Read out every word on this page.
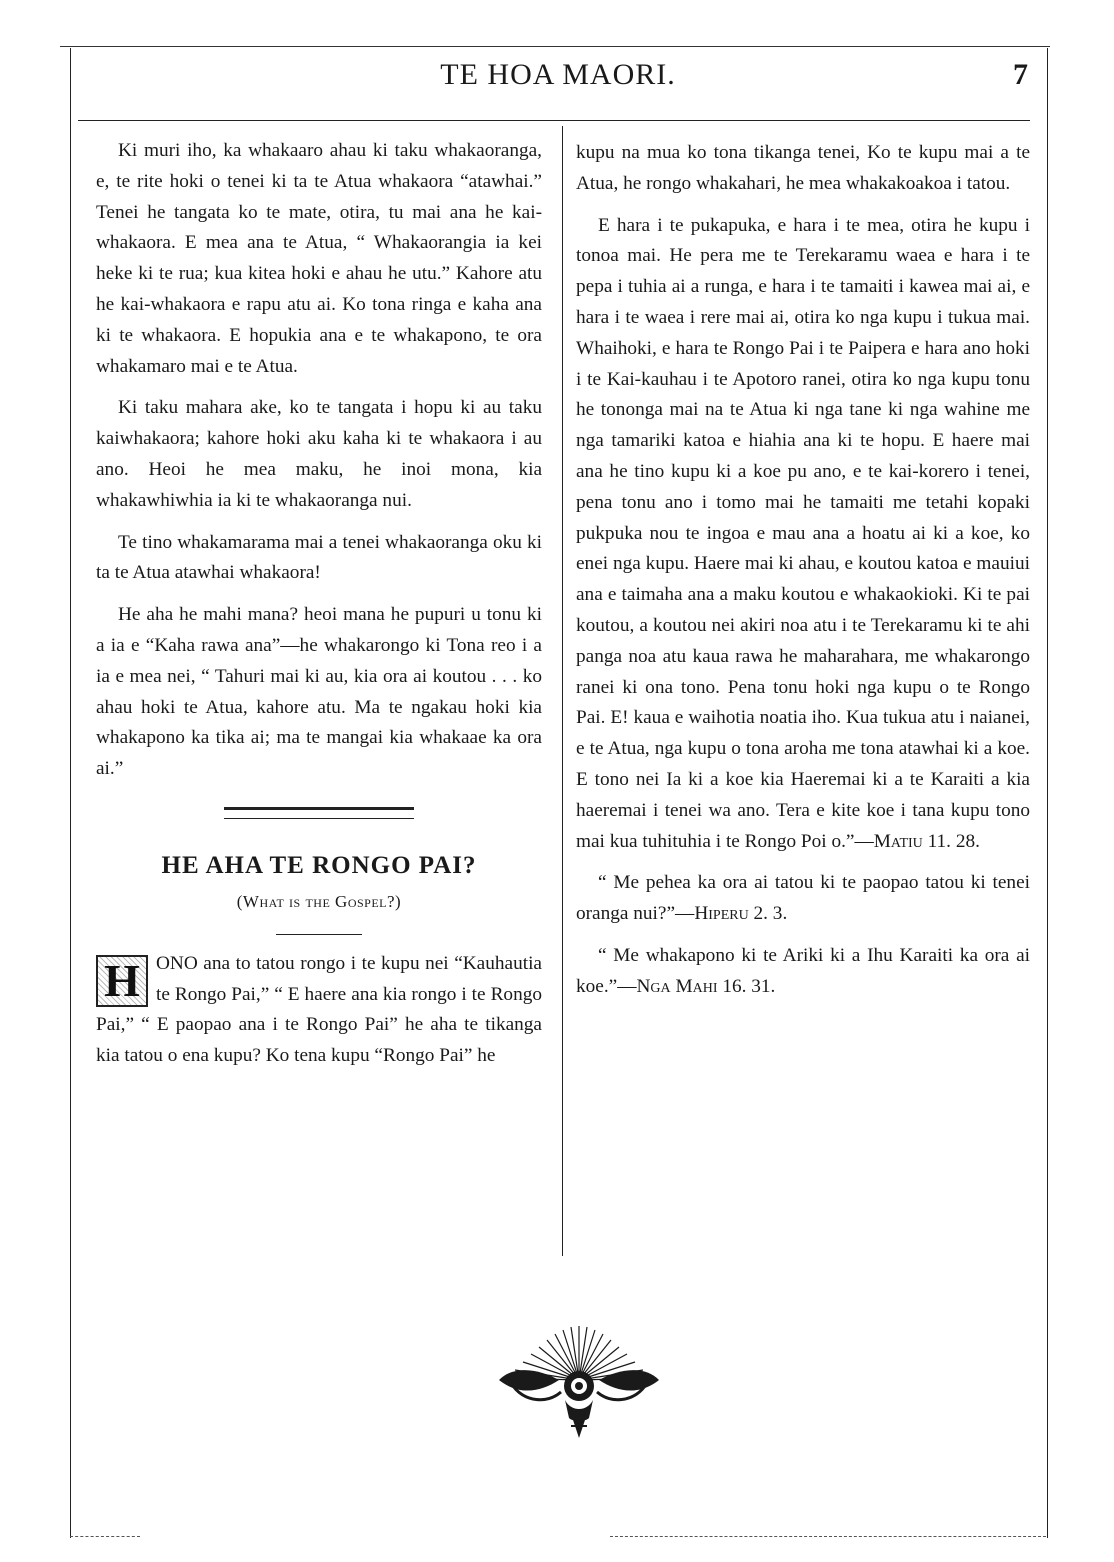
TE HOA MAORI.	7

Ki muri iho, ka whakaaro ahau ki taku whakaoranga, e, te rite hoki o tenei ki ta te Atua whakaora “atawhai.” Tenei he tangata ko te mate, otira, tu mai ana he kai-whakaora. E mea ana te Atua, “ Whakaorangia ia kei heke ki te rua; kua kitea hoki e ahau he utu.” Kahore atu he kai-whakaora e rapu atu ai. Ko tona ringa e kaha ana ki te whakaora. E hopukia ana e te whakapono, te ora whakamaro mai e te Atua.

Ki taku mahara ake, ko te tangata i hopu ki au taku kaiwhakaora; kahore hoki aku kaha ki te whakaora i au ano. Heoi he mea maku, he inoi mona, kia whakawhiwhia ia ki te whakaoranga nui.

Te tino whakamarama mai a tenei whakaoranga oku ki ta te Atua atawhai whakaora!

He aha he mahi mana? heoi mana he pupuri u tonu ki a ia e “Kaha rawa ana”—he whakarongo ki Tona reo i a ia e mea nei, “ Tahuri mai ki au, kia ora ai koutou . . . ko ahau hoki te Atua, kahore atu. Ma te ngakau hoki kia whakapono ka tika ai; ma te mangai kia whakaae ka ora ai.”

HE AHA TE RONGO PAI?
(What is the Gospel?)

H ONO ana to tatou rongo i te kupu nei “Kauhautia te Rongo Pai,” “ E haere ana kia rongo i te Rongo Pai,” “ E paopao ana i te Rongo Pai” he aha te tikanga kia tatou o ena kupu? Ko tena kupu “Rongo Pai” he

kupu na mua ko tona tikanga tenei, Ko te kupu mai a te Atua, he rongo whakahari, he mea whakakoakoa i tatou.

E hara i te pukapuka, e hara i te mea, otira he kupu i tonoa mai. He pera me te Terekaramu waea e hara i te pepa i tuhia ai a runga, e hara i te tamaiti i kawea mai ai, e hara i te waea i rere mai ai, otira ko nga kupu i tukua mai. Whaihoki, e hara te Rongo Pai i te Paipera e hara ano hoki i te Kai-kauhau i te Apotoro ranei, otira ko nga kupu tonu he tononga mai na te Atua ki nga tane ki nga wahine me nga tamariki katoa e hiahia ana ki te hopu. E haere mai ana he tino kupu ki a koe pu ano, e te kai-korero i tenei, pena tonu ano i tomo mai he tamaiti me tetahi kopaki pukpuka nou te ingoa e mau ana a hoatu ai ki a koe, ko enei nga kupu. Haere mai ki ahau, e koutou katoa e mauiui ana e taimaha ana a maku koutou e whakaokioki. Ki te pai koutou, a koutou nei akiri noa atu i te Terekaramu ki te ahi panga noa atu kaua rawa he maharahara, me whakarongo ranei ki ona tono. Pena tonu hoki nga kupu o te Rongo Pai. E! kaua e waihotia noatia iho. Kua tukua atu i naianei, e te Atua, nga kupu o tona aroha me tona atawhai ki a koe. E tono nei Ia ki a koe kia Haeremai ki a te Karaiti a kia haeremai i tenei wa ano. Tera e kite koe i tana kupu tono mai kua tuhituhia i te Rongo Poi o.”—Matiu 11. 28.

“ Me pehea ka ora ai tatou ki te paopao tatou ki tenei oranga nui?”—Hiperu 2. 3.

“ Me whakapono ki te Ariki ki a Ihu Karaiti ka ora ai koe.”—Nga Mahi 16. 31.
